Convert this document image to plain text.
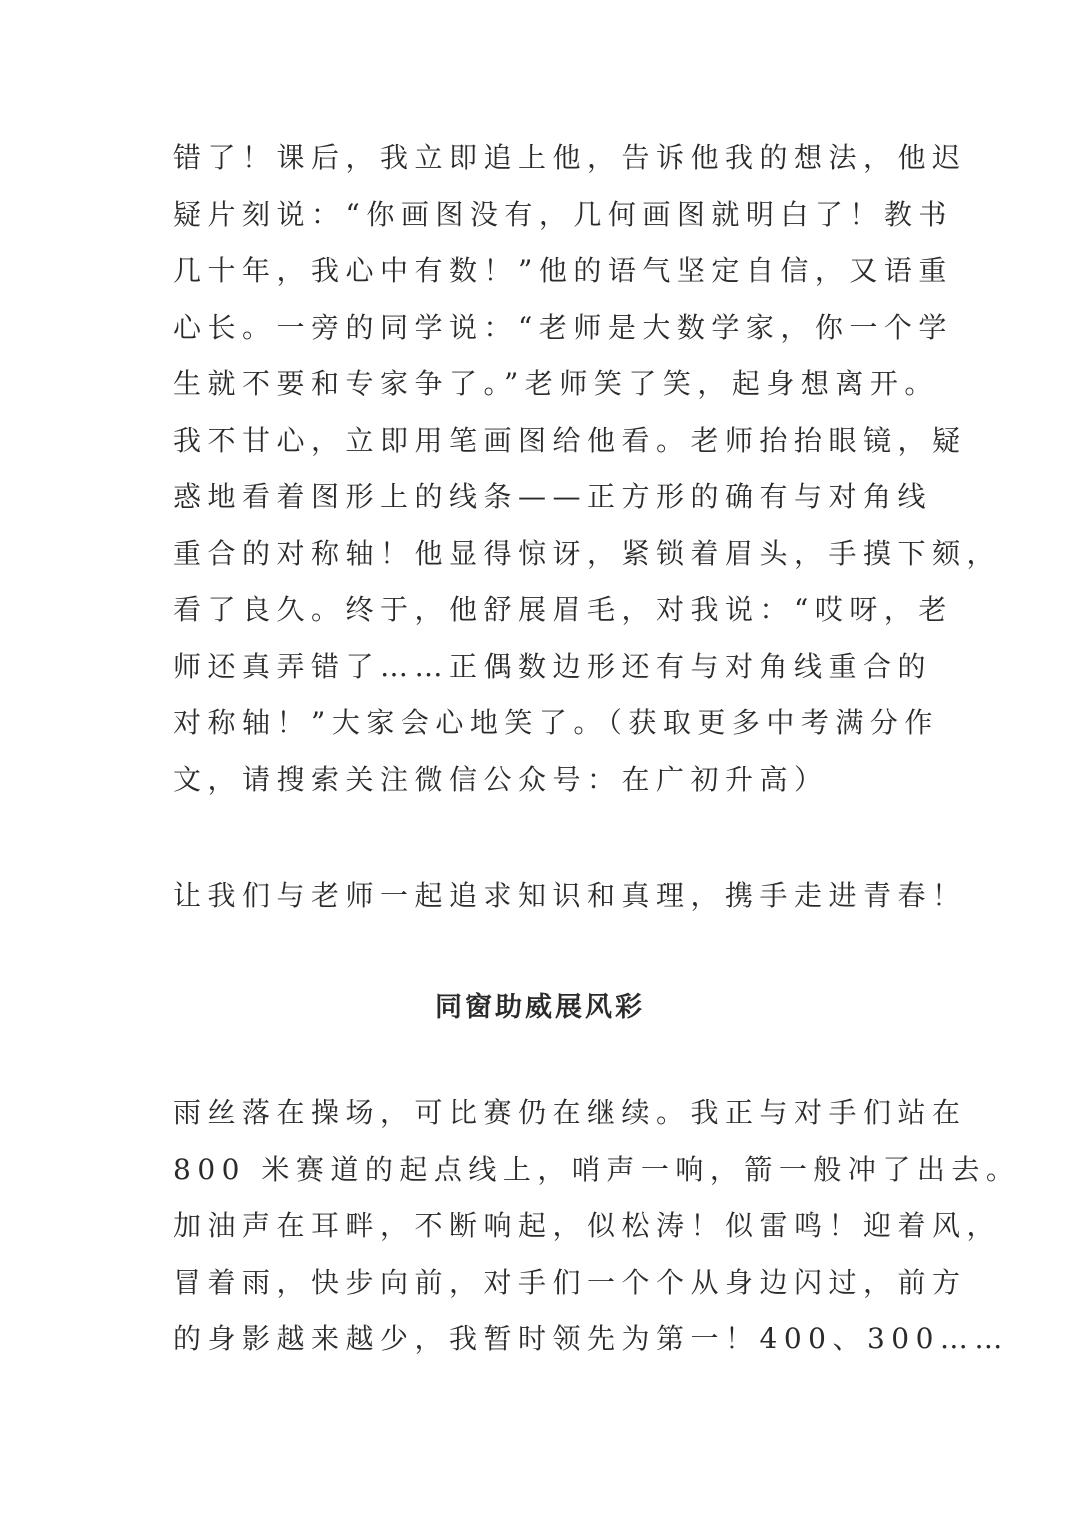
错了！课后，我立即追上他，告诉他我的想法，他迟
疑片刻说：“你画图没有，几何画图就明白了！教书
几十年，我心中有数！”他的语气坚定自信，又语重
心长。一旁的同学说：“老师是大数学家，你一个学
生就不要和专家争了。”老师笑了笑，起身想离开。
我不甘心，立即用笔画图给他看。老师抬抬眼镜，疑
惑地看着图形上的线条——正方形的确有与对角线
重合的对称轴！他显得惊讶，紧锁着眉头，手摸下颏，
看了良久。终于，他舒展眉毛，对我说：“哎呀，老
师还真弄错了……正偶数边形还有与对角线重合的
对称轴！”大家会心地笑了。（获取更多中考满分作
文，请搜索关注微信公众号：在广初升高）
让我们与老师一起追求知识和真理，携手走进青春！
同窗助威展风彩
雨丝落在操场，可比赛仍在继续。我正与对手们站在
800 米赛道的起点线上，哨声一响，箭一般冲了出去。
加油声在耳畔，不断响起，似松涛！似雷鸣！迎着风，
冒着雨，快步向前，对手们一个个从身边闪过，前方
的身影越来越少，我暂时领先为第一！400、300……
